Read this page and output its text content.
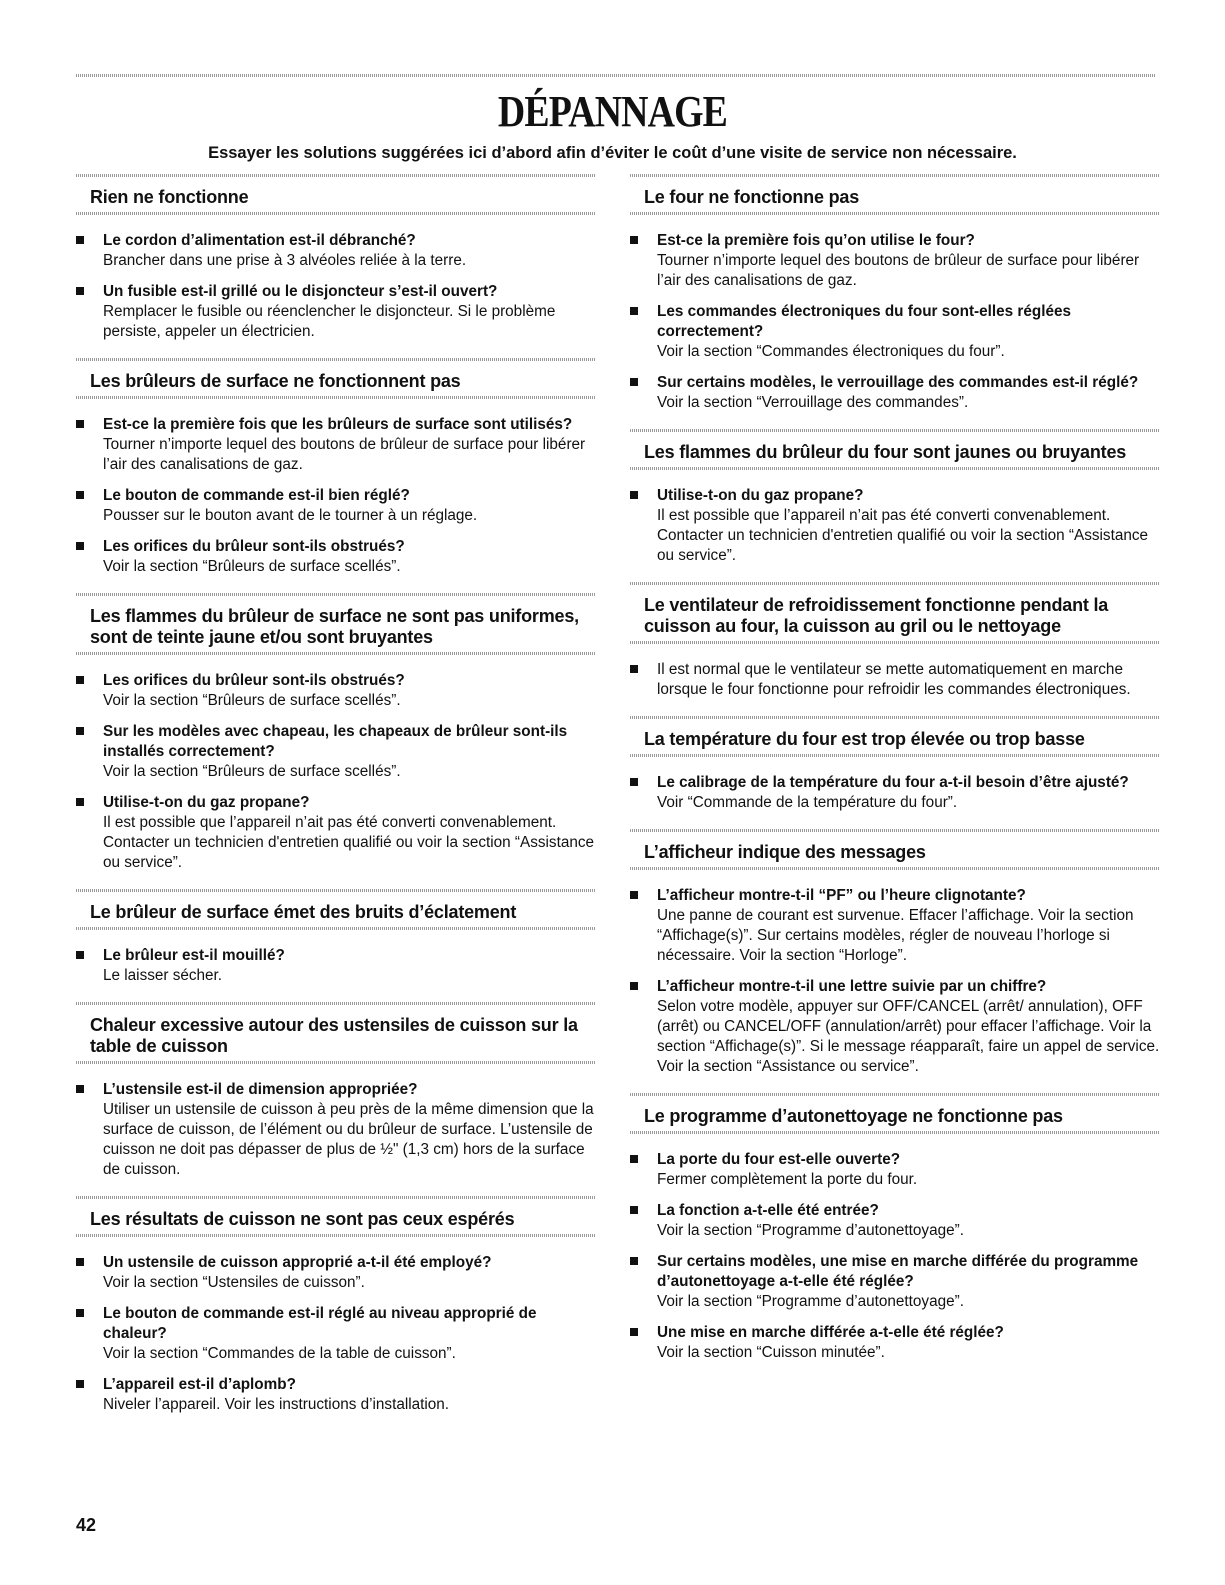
DÉPANNAGE
Essayer les solutions suggérées ici d’abord afin d’éviter le coût d’une visite de service non nécessaire.
Rien ne fonctionne
Le cordon d’alimentation est-il débranché?
Brancher dans une prise à 3 alvéoles reliée à la terre.
Un fusible est-il grillé ou le disjoncteur s’est-il ouvert?
Remplacer le fusible ou réenclencher le disjoncteur. Si le problème persiste, appeler un électricien.
Les brûleurs de surface ne fonctionnent pas
Est-ce la première fois que les brûleurs de surface sont utilisés?
Tourner n’importe lequel des boutons de brûleur de surface pour libérer l’air des canalisations de gaz.
Le bouton de commande est-il bien réglé?
Pousser sur le bouton avant de le tourner à un réglage.
Les orifices du brûleur sont-ils obstrués?
Voir la section “Brûleurs de surface scellés”.
Les flammes du brûleur de surface ne sont pas uniformes, sont de teinte jaune et/ou sont bruyantes
Les orifices du brûleur sont-ils obstrués?
Voir la section “Brûleurs de surface scellés”.
Sur les modèles avec chapeau, les chapeaux de brûleur sont-ils installés correctement?
Voir la section “Brûleurs de surface scellés”.
Utilise-t-on du gaz propane?
Il est possible que l’appareil n’ait pas été converti convenablement. Contacter un technicien d'entretien qualifié ou voir la section “Assistance ou service”.
Le brûleur de surface émet des bruits d’éclatement
Le brûleur est-il mouillé?
Le laisser sécher.
Chaleur excessive autour des ustensiles de cuisson sur la table de cuisson
L’ustensile est-il de dimension appropriée?
Utiliser un ustensile de cuisson à peu près de la même dimension que la surface de cuisson, de l’élément ou du brûleur de surface. L’ustensile de cuisson ne doit pas dépasser de plus de ½" (1,3 cm) hors de la surface de cuisson.
Les résultats de cuisson ne sont pas ceux espérés
Un ustensile de cuisson approprié a-t-il été employé?
Voir la section “Ustensiles de cuisson”.
Le bouton de commande est-il réglé au niveau approprié de chaleur?
Voir la section “Commandes de la table de cuisson”.
L’appareil est-il d’aplomb?
Niveler l’appareil. Voir les instructions d’installation.
Le four ne fonctionne pas
Est-ce la première fois qu’on utilise le four?
Tourner n’importe lequel des boutons de brûleur de surface pour libérer l’air des canalisations de gaz.
Les commandes électroniques du four sont-elles réglées correctement?
Voir la section “Commandes électroniques du four”.
Sur certains modèles, le verrouillage des commandes est-il réglé?
Voir la section “Verrouillage des commandes”.
Les flammes du brûleur du four sont jaunes ou bruyantes
Utilise-t-on du gaz propane?
Il est possible que l’appareil n’ait pas été converti convenablement. Contacter un technicien d'entretien qualifié ou voir la section “Assistance ou service”.
Le ventilateur de refroidissement fonctionne pendant la cuisson au four, la cuisson au gril ou le nettoyage
Il est normal que le ventilateur se mette automatiquement en marche lorsque le four fonctionne pour refroidir les commandes électroniques.
La température du four est trop élevée ou trop basse
Le calibrage de la température du four a-t-il besoin d’être ajusté?
Voir “Commande de la température du four”.
L’afficheur indique des messages
L’afficheur montre-t-il “PF” ou l’heure clignotante?
Une panne de courant est survenue. Effacer l’affichage. Voir la section “Affichage(s)”. Sur certains modèles, régler de nouveau l’horloge si nécessaire. Voir la section “Horloge”.
L’afficheur montre-t-il une lettre suivie par un chiffre?
Selon votre modèle, appuyer sur OFF/CANCEL (arrêt/ annulation), OFF (arrêt) ou CANCEL/OFF (annulation/arrêt) pour effacer l’affichage. Voir la section “Affichage(s)”. Si le message réapparaît, faire un appel de service. Voir la section “Assistance ou service”.
Le programme d’autonettoyage ne fonctionne pas
La porte du four est-elle ouverte?
Fermer complètement la porte du four.
La fonction a-t-elle été entrée?
Voir la section “Programme d’autonettoyage”.
Sur certains modèles, une mise en marche différée du programme d’autonettoyage a-t-elle été réglée?
Voir la section “Programme d’autonettoyage”.
Une mise en marche différée a-t-elle été réglée?
Voir la section “Cuisson minutée”.
42
